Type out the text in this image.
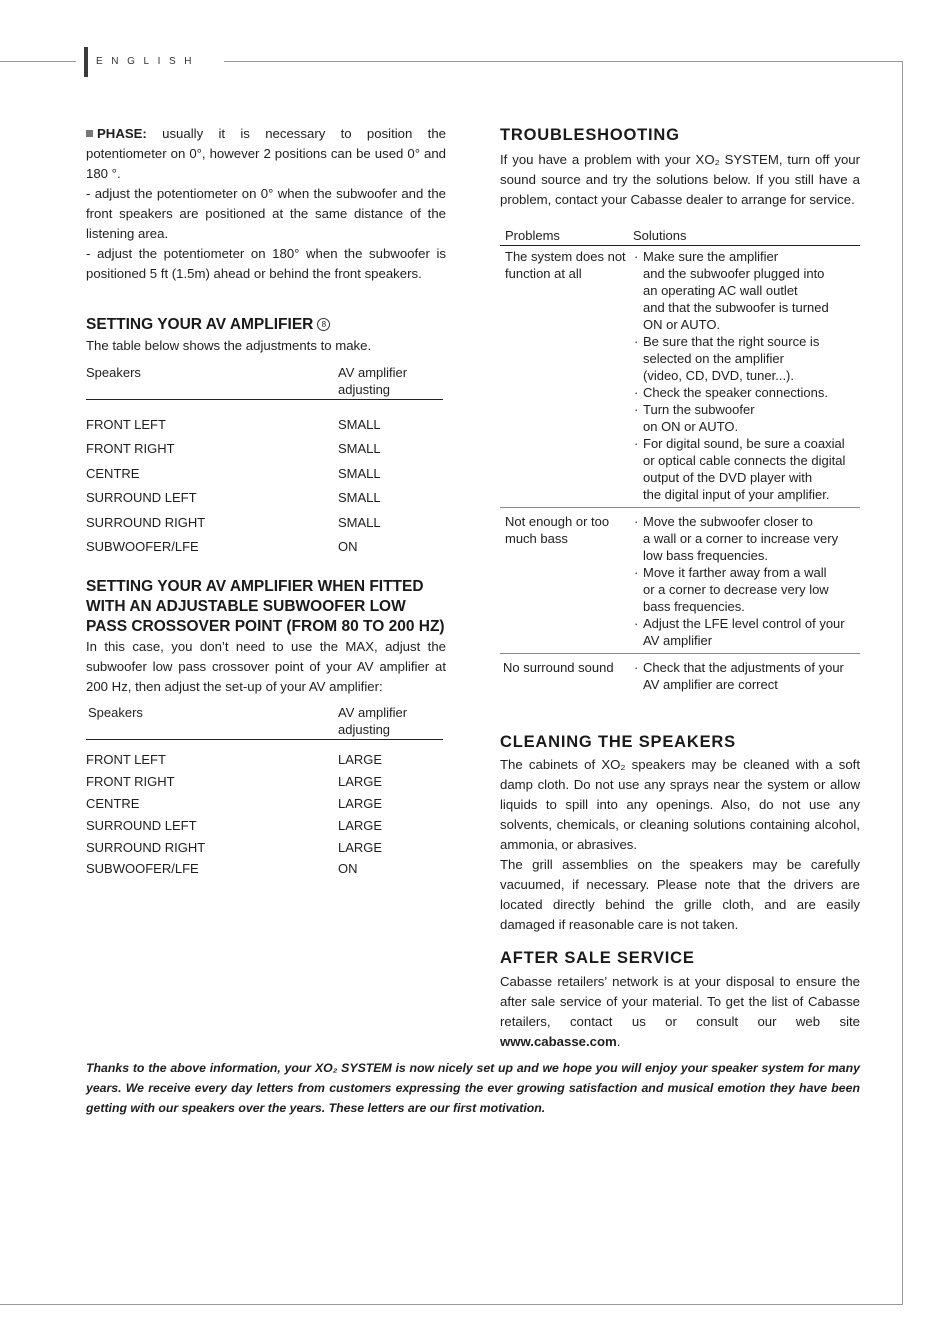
ENGLISH

PHASE: usually it is necessary to position the potentiometer on 0°, however 2 positions can be used 0° and 180 °.

- adjust the potentiometer on 0° when the subwoofer and the front speakers are positioned at the same distance of the listening area.

- adjust the potentiometer on 180° when the subwoofer is positioned 5 ft (1.5m) ahead or behind the front speakers.

SETTING YOUR AV AMPLIFIER 8

The table below shows the adjustments to make.

Speakers	AV amplifier adjusting
FRONT LEFT	SMALL
FRONT RIGHT	SMALL
CENTRE	SMALL
SURROUND LEFT	SMALL
SURROUND RIGHT	SMALL
SUBWOOFER/LFE	ON
SETTING YOUR AV AMPLIFIER WHEN FITTED WITH AN ADJUSTABLE SUBWOOFER LOW PASS CROSSOVER POINT (FROM 80 TO 200 HZ)

In this case, you don’t need to use the MAX, adjust the subwoofer low pass crossover point of your AV amplifier at 200 Hz, then adjust the set-up of your AV amplifier:

Speakers	AV amplifier adjusting
FRONT LEFT	LARGE
FRONT RIGHT	LARGE
CENTRE	LARGE
SURROUND LEFT	LARGE
SURROUND RIGHT	LARGE
SUBWOOFER/LFE	ON
TROUBLESHOOTING

If you have a problem with your XO₂ SYSTEM, turn off your sound source and try the solutions below. If you still have a problem, contact your Cabasse dealer to arrange for service.

Problems	Solutions
The system does not function at all
· Make sure the amplifier
and the subwoofer plugged into
an operating AC wall outlet
and that the subwoofer is turned
ON or AUTO.
· Be sure that the right source is
selected on the amplifier
(video, CD, DVD, tuner...).
· Check the speaker connections.
· Turn the subwoofer
on ON or AUTO.
· For digital sound, be sure a coaxial
or optical cable connects the digital
output of the DVD player with
the digital input of your amplifier.
Not enough or too much bass
· Move the subwoofer closer to
a wall or a corner to increase very
low bass frequencies.
· Move it farther away from a wall
or a corner to decrease very low
bass frequencies.
· Adjust the LFE level control of your
AV amplifier
No surround sound
·	Check that the adjustments of your
AV amplifier are correct
CLEANING THE SPEAKERS

The cabinets of XO₂ speakers may be cleaned with a soft damp cloth. Do not use any sprays near the system or allow liquids to spill into any openings. Also, do not use any solvents, chemicals, or cleaning solutions containing alcohol, ammonia, or abrasives.

The grill assemblies on the speakers may be carefully vacuumed, if necessary. Please note that the drivers are located directly behind the grille cloth, and are easily damaged if reasonable care is not taken.

AFTER SALE SERVICE

Cabasse retailers’ network is at your disposal to ensure the after sale service of your material. To get the list of Cabasse retailers, contact us or consult our web site www.cabasse.com.

Thanks to the above information, your XO₂ SYSTEM is now nicely set up and we hope you will enjoy your speaker system for many years. We receive every day letters from customers expressing the ever growing satisfaction and musical emotion they have been getting with our speakers over the years. These letters are our first motivation.
